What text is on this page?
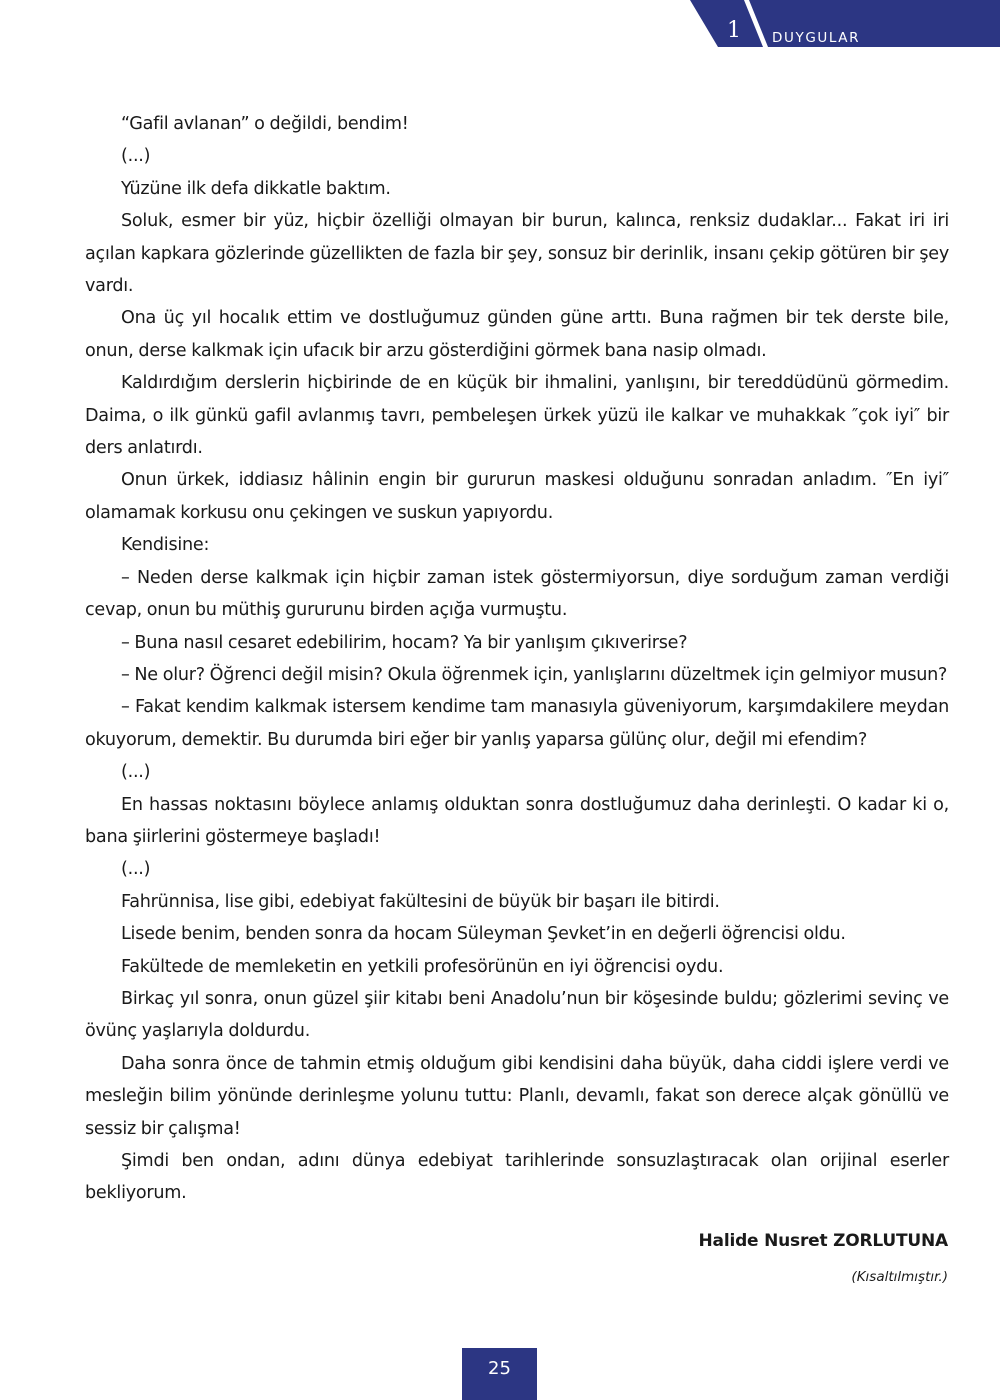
1 DUYGULAR

“Gafil avlanan” o değildi, bendim!

(...)

Yüzüne ilk defa dikkatle baktım.

Soluk, esmer bir yüz, hiçbir özelliği olmayan bir burun, kalınca, renksiz dudaklar... Fakat iri iri açılan kapkara gözlerinde güzellikten de fazla bir şey, sonsuz bir derinlik, insanı çekip götüren bir şey vardı.

Ona üç yıl hocalık ettim ve dostluğumuz günden güne arttı. Buna rağmen bir tek derste bile, onun, derse kalkmak için ufacık bir arzu gösterdiğini görmek bana nasip olmadı.

Kaldırdığım derslerin hiçbirinde de en küçük bir ihmalini, yanlışını, bir tereddüdünü görmedim. Daima, o ilk günkü gafil avlanmış tavrı, pembeleşen ürkek yüzü ile kalkar ve muhakkak ″çok iyi″ bir ders anlatırdı.

Onun ürkek, iddiasız hâlinin engin bir gururun maskesi olduğunu sonradan anladım. ″En iyi″ olamamak korkusu onu çekingen ve suskun yapıyordu.

Kendisine:

– Neden derse kalkmak için hiçbir zaman istek göstermiyorsun, diye sorduğum zaman verdiği cevap, onun bu müthiş gururunu birden açığa vurmuştu.

– Buna nasıl cesaret edebilirim, hocam? Ya bir yanlışım çıkıverirse?

– Ne olur? Öğrenci değil misin? Okula öğrenmek için, yanlışlarını düzeltmek için gelmiyor musun?

– Fakat kendim kalkmak istersem kendime tam manasıyla güveniyorum, karşımdakilere meydan okuyorum, demektir. Bu durumda biri eğer bir yanlış yaparsa gülünç olur, değil mi efendim?

(...)

En hassas noktasını böylece anlamış olduktan sonra dostluğumuz daha derinleşti. O kadar ki o, bana şiirlerini göstermeye başladı!

(...)

Fahrünnisa, lise gibi, edebiyat fakültesini de büyük bir başarı ile bitirdi.

Lisede benim, benden sonra da hocam Süleyman Şevket’in en değerli öğrencisi oldu.

Fakültede de memleketin en yetkili profesörünün en iyi öğrencisi oydu.

Birkaç yıl sonra, onun güzel şiir kitabı beni Anadolu’nun bir köşesinde buldu; gözlerimi sevinç ve övünç yaşlarıyla doldurdu.

Daha sonra önce de tahmin etmiş olduğum gibi kendisini daha büyük, daha ciddi işlere verdi ve mesleğin bilim yönünde derinleşme yolunu tuttu: Planlı, devamlı, fakat son derece alçak gönüllü ve sessiz bir çalışma!

Şimdi ben ondan, adını dünya edebiyat tarihlerinde sonsuzlaştıracak olan orijinal eserler bekliyorum.

Halide Nusret ZORLUTUNA
(Kısaltılmıştır.)
25
